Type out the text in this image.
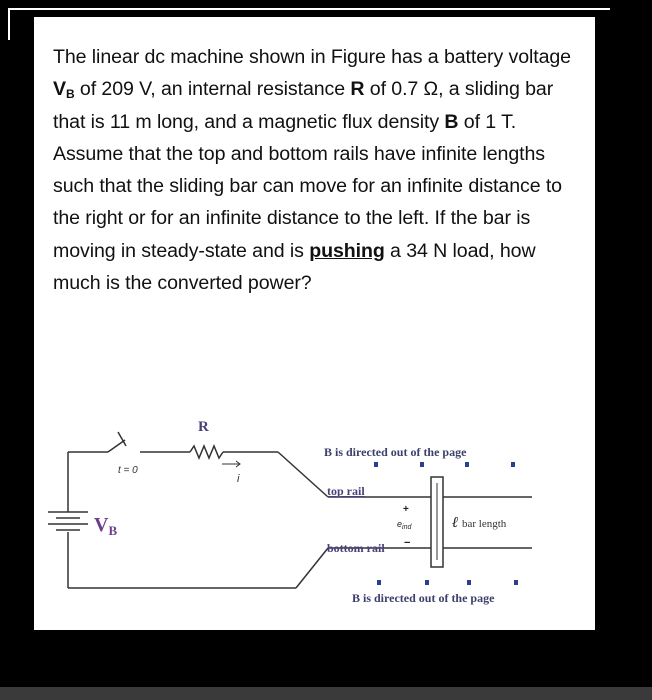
The linear dc machine shown in Figure has a battery voltage $V_B$ of 209 V, an internal resistance R of 0.7 Ω, a sliding bar that is 11 m long, and a magnetic flux density B of 1 T. Assume that the top and bottom rails have infinite lengths such that the sliding bar can move for an infinite distance to the right or for an infinite distance to the left. If the bar is moving in steady-state and is pushing a 34 N load, how much is the converted power?

R
t = 0
i
$V_B$
top rail
bottom rail
+
−
$e_{ind}$	ℓ bar length
B is directed out of the page
B is directed out of the page
